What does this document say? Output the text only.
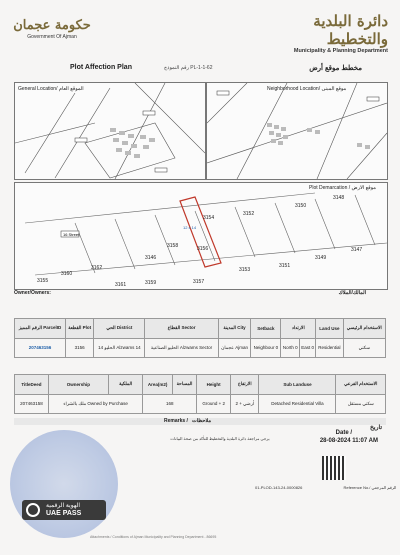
حكومة عجمان
Government Of Ajman
دائرة البلدية والتخطيط
Municipality & Planning Department
Plot Affection Plan	رقم النموذج PL-1-1-62	مخطط موقع أرض
General Location/ الموقع العام	Neighborhood Location/ موقع المبنى
Plot Demarcation / موقع الارض
16 Street
12 x 14
3154
3152
3150
3148
3158	3156
3153
3151
3149
3147
3160
3162
3146
3155	3157
3159
3161
Owner/Owners:	المالك/الملاك
الرقم المميز ParcelID	القطعة Plot	الحي District	القطاع Sector	المدينة City	Setback	الارتداد		Land Use	الاستخدام الرئيسي
207463156	3156	الحليو 14 Alzwams 14	الحليو الصناعية Alzwams Sector	عجمان Ajman	Neighbour 0	North 0	East 0	Residential	سكني
TitleDeed	Ownership	الملكية	Area(m2)	المساحة	Height	الارتفاع	Sub Landuse	الاستخدام الفرعي
207463158	ملك بالشراء Owned by Purchase		168		Ground + 2	أرضي + 2	Detached Residential Villa	سكني مستقل
Remarks / ملاحظات
تاريخ
Date /
28-08-2024 11:07 AM
يرجى مراجعة دائرة البلدية والتخطيط للتأكد من صحة البيانات
01-PLOD-143-24-0000826	Reference No./ الرقم المرجعي
الهوية الرقمية
UAE PASS
Attachments / Conditions of Ajman Municipality and Planning Department - 86695
